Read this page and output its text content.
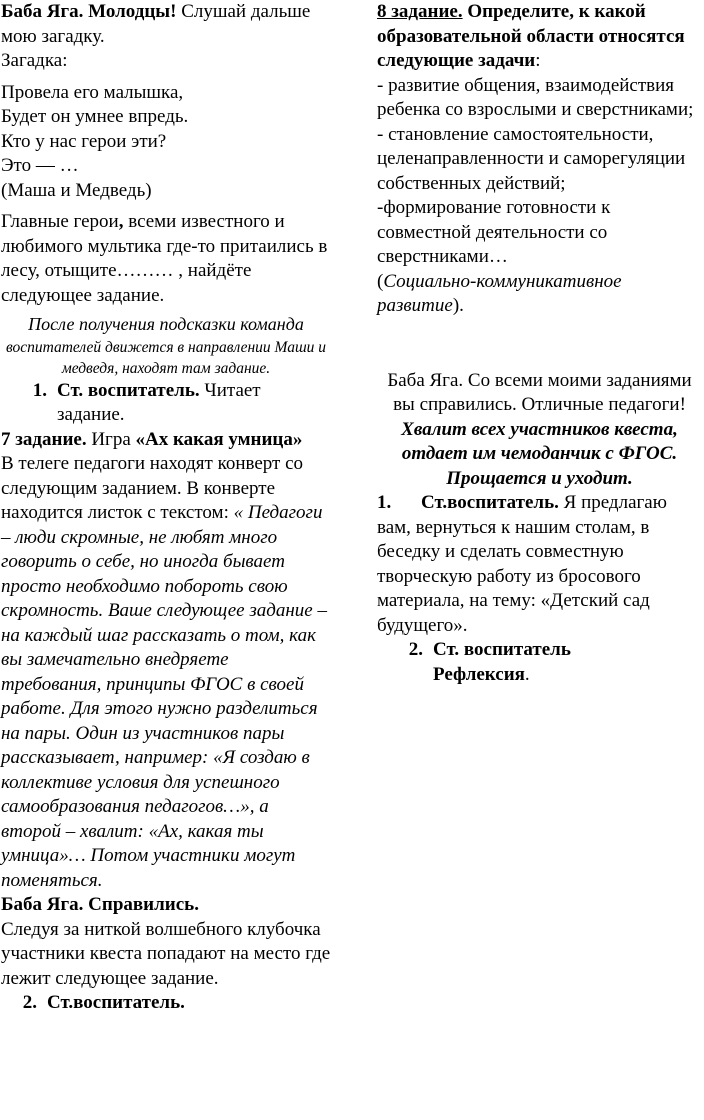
Баба Яга. Молодцы! Слушай дальше мою загадку.

Загадка:

Провела его малышка,

Будет он умнее впредь.

Кто у нас герои эти?

Это — …

(Маша и Медведь)

Главные герои, всеми известного и любимого мультика где-то притаились в лесу, отыщите……… , найдёте следующее задание.

После получения подсказки команда

воспитателей движется в направлении Маши и медведя, находят там задание.

1. Ст. воспитатель. Читает задание.

7 задание. Игра «Ах какая умница»

В телеге педагоги находят конверт со следующим заданием. В конверте находится листок с текстом: « Педагоги – люди скромные, не любят много говорить о себе, но иногда бывает просто необходимо побороть свою скромность. Ваше следующее задание – на каждый шаг рассказать о том, как вы замечательно внедряете требования, принципы ФГОС в своей работе. Для этого нужно разделиться на пары. Один из участников пары рассказывает, например: «Я создаю в коллективе условия для успешного самообразования педагогов…», а второй – хвалит: «Ах, какая ты умница»… Потом участники могут поменяться.

Баба Яга. Справились.

Следуя за ниткой волшебного клубочка участники квеста попадают на место где лежит следующее задание.

2. Ст.воспитатель.

8 задание. Определите, к какой образовательной области относятся следующие задачи:

- развитие общения, взаимодействия ребенка со взрослыми и сверстниками;

- становление самостоятельности, целенаправленности и саморегуляции собственных действий;

-формирование готовности к совместной деятельности со сверстниками…

(Социально-коммуникативное развитие).

Баба Яга. Со всеми моими заданиями вы справились. Отличные педагоги! Хвалит всех участников квеста, отдает им чемоданчик с ФГОС. Прощается и уходит.

1. Ст.воспитатель. Я предлагаю вам, вернуться к нашим столам, в беседку и сделать совместную творческую работу из бросового материала, на тему: «Детский сад будущего».
2. Ст. воспитатель
Рефлексия.
